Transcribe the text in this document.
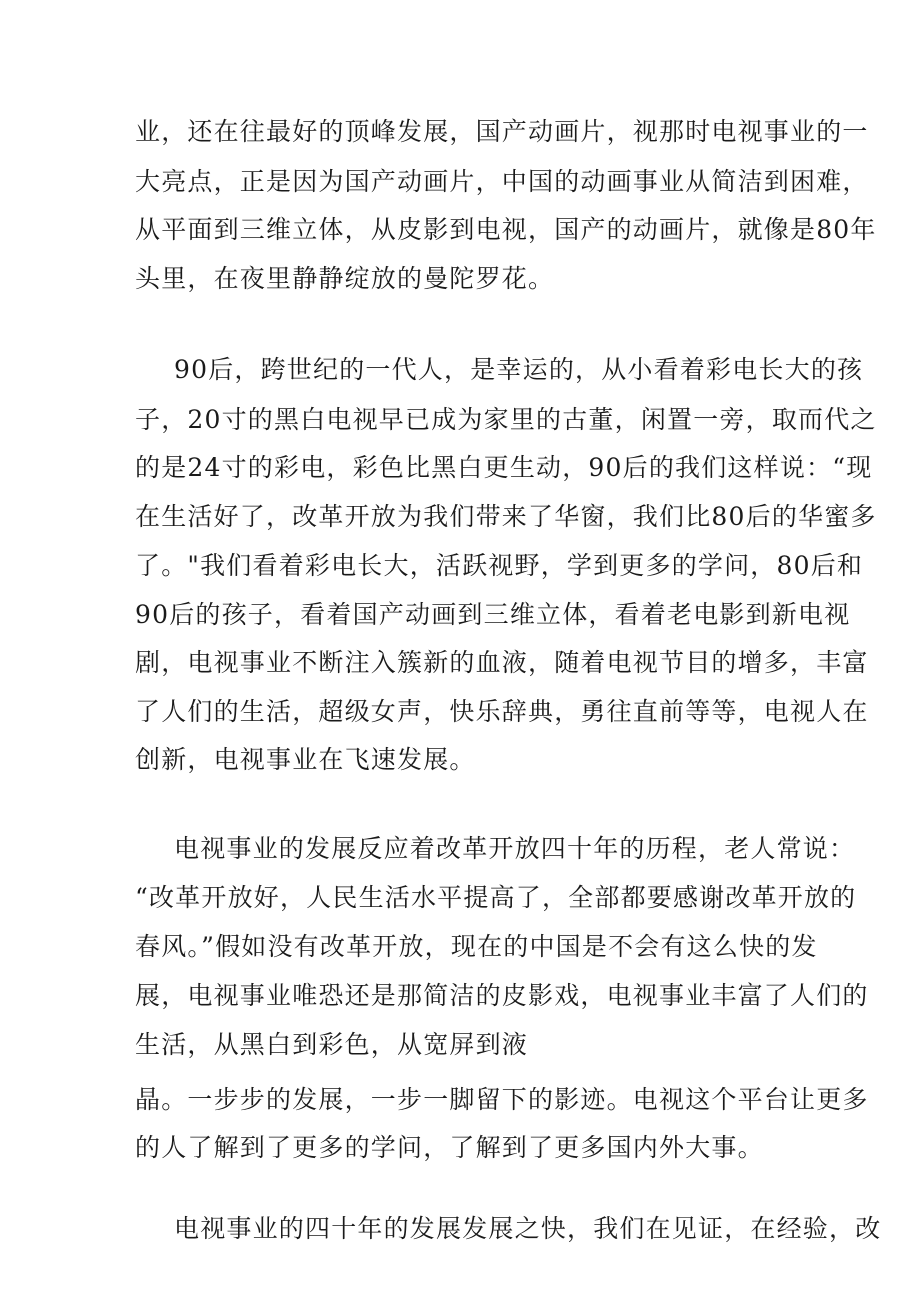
业，还在往最好的顶峰发展，国产动画片，视那时电视事业的一
大亮点，正是因为国产动画片，中国的动画事业从简洁到困难，
从平面到三维立体，从皮影到电视，国产的动画片，就像是80年
头里，在夜里静静绽放的曼陀罗花。
90后，跨世纪的一代人，是幸运的，从小看着彩电长大的孩
子，20寸的黑白电视早已成为家里的古董，闲置一旁，取而代之
的是24寸的彩电，彩色比黑白更生动，90后的我们这样说：“现
在生活好了，改革开放为我们带来了华窗，我们比80后的华蜜多
了。"我们看着彩电长大，活跃视野，学到更多的学问，80后和
90后的孩子，看着国产动画到三维立体，看着老电影到新电视
剧，电视事业不断注入簇新的血液，随着电视节目的增多，丰富
了人们的生活，超级女声，快乐辞典，勇往直前等等，电视人在
创新，电视事业在飞速发展。
电视事业的发展反应着改革开放四十年的历程，老人常说：
“改革开放好，人民生活水平提高了，全部都要感谢改革开放的
春风。”假如没有改革开放，现在的中国是不会有这么快的发
展，电视事业唯恐还是那简洁的皮影戏，电视事业丰富了人们的
生活，从黑白到彩色，从宽屏到液
晶。一步步的发展，一步一脚留下的影迹。电视这个平台让更多
的人了解到了更多的学问，了解到了更多国内外大事。
电视事业的四十年的发展发展之快，我们在见证，在经验，改
